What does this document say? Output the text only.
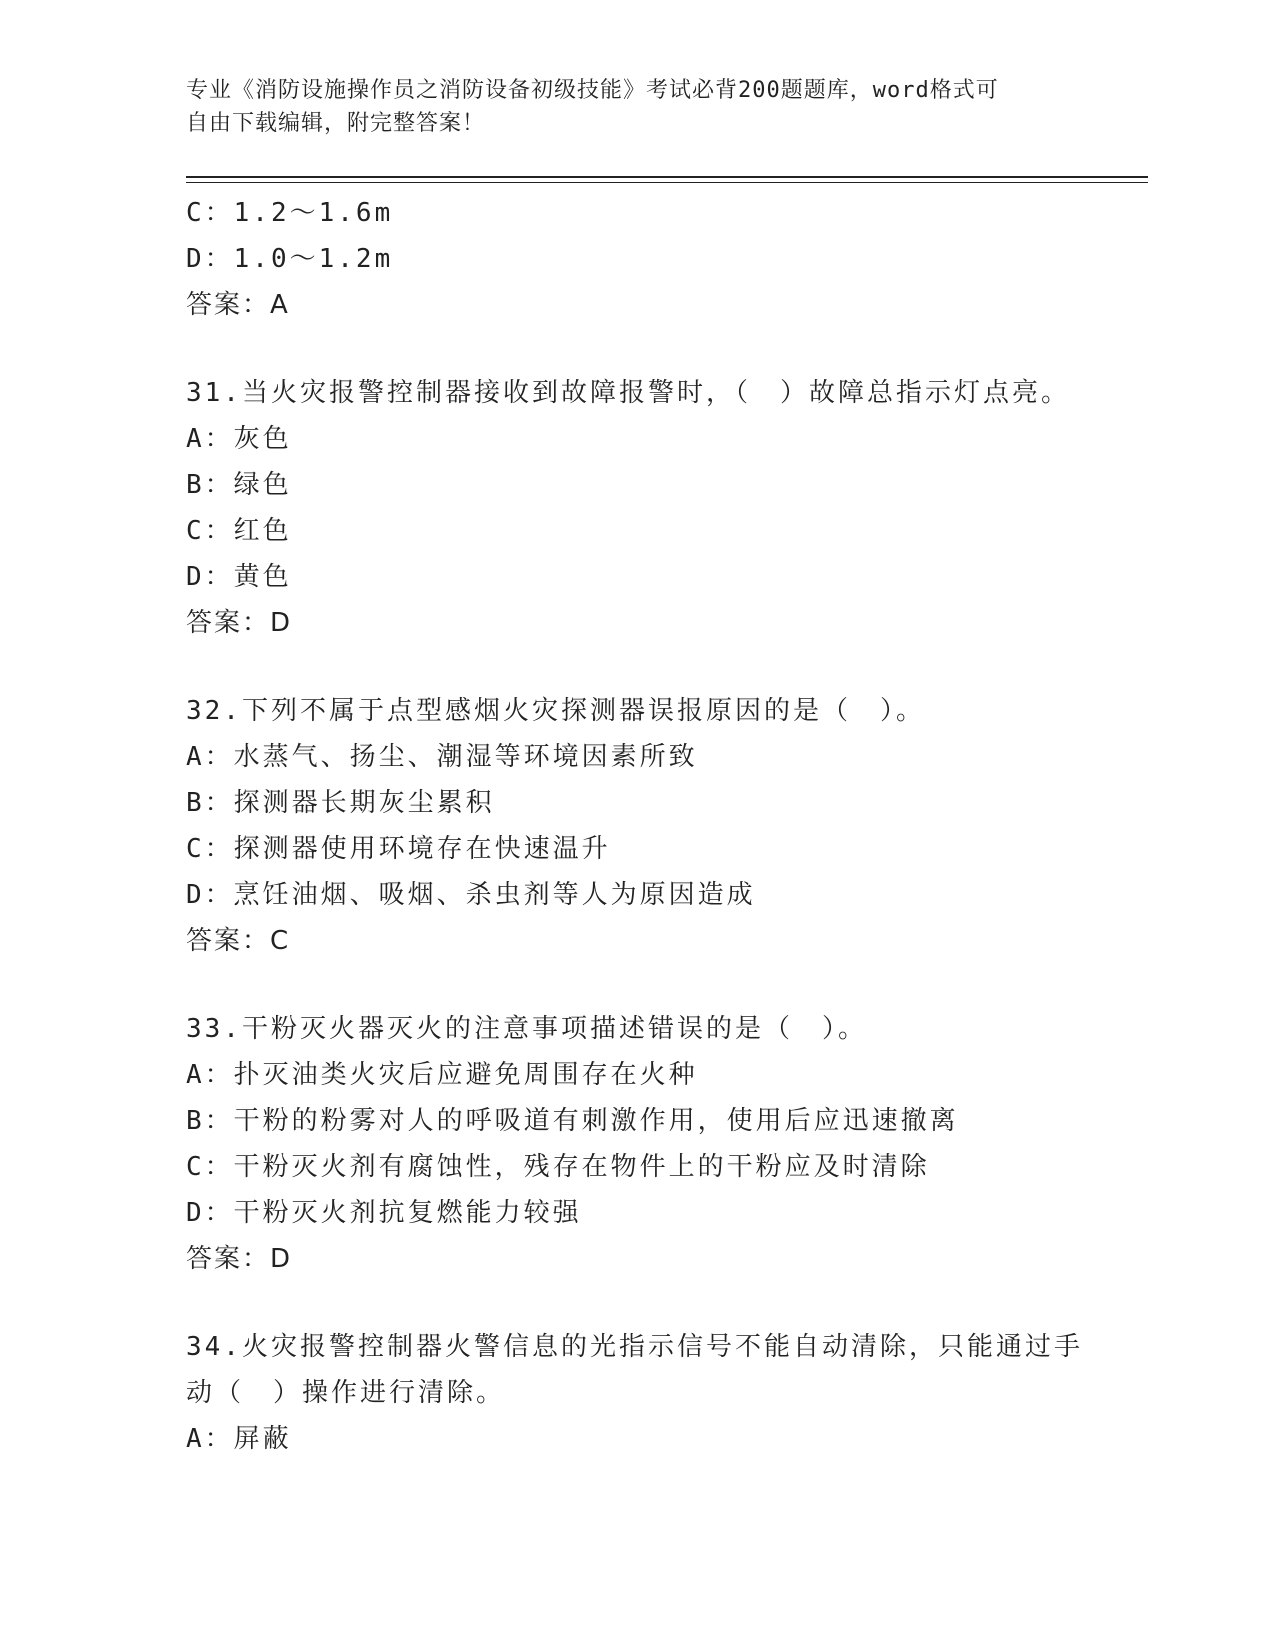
专业《消防设施操作员之消防设备初级技能》考试必背200题题库，word格式可
自由下载编辑，附完整答案！
C：1.2～1.6m
D：1.0～1.2m
答案：A
31.当火灾报警控制器接收到故障报警时，（　）故障总指示灯点亮。
A：灰色
B：绿色
C：红色
D：黄色
答案：D
32.下列不属于点型感烟火灾探测器误报原因的是（　）。
A：水蒸气、扬尘、潮湿等环境因素所致
B：探测器长期灰尘累积
C：探测器使用环境存在快速温升
D：烹饪油烟、吸烟、杀虫剂等人为原因造成
答案：C
33.干粉灭火器灭火的注意事项描述错误的是（　）。
A：扑灭油类火灾后应避免周围存在火种
B：干粉的粉雾对人的呼吸道有刺激作用，使用后应迅速撤离
C：干粉灭火剂有腐蚀性，残存在物件上的干粉应及时清除
D：干粉灭火剂抗复燃能力较强
答案：D
34.火灾报警控制器火警信息的光指示信号不能自动清除，只能通过手
动（　）操作进行清除。
A：屏蔽
